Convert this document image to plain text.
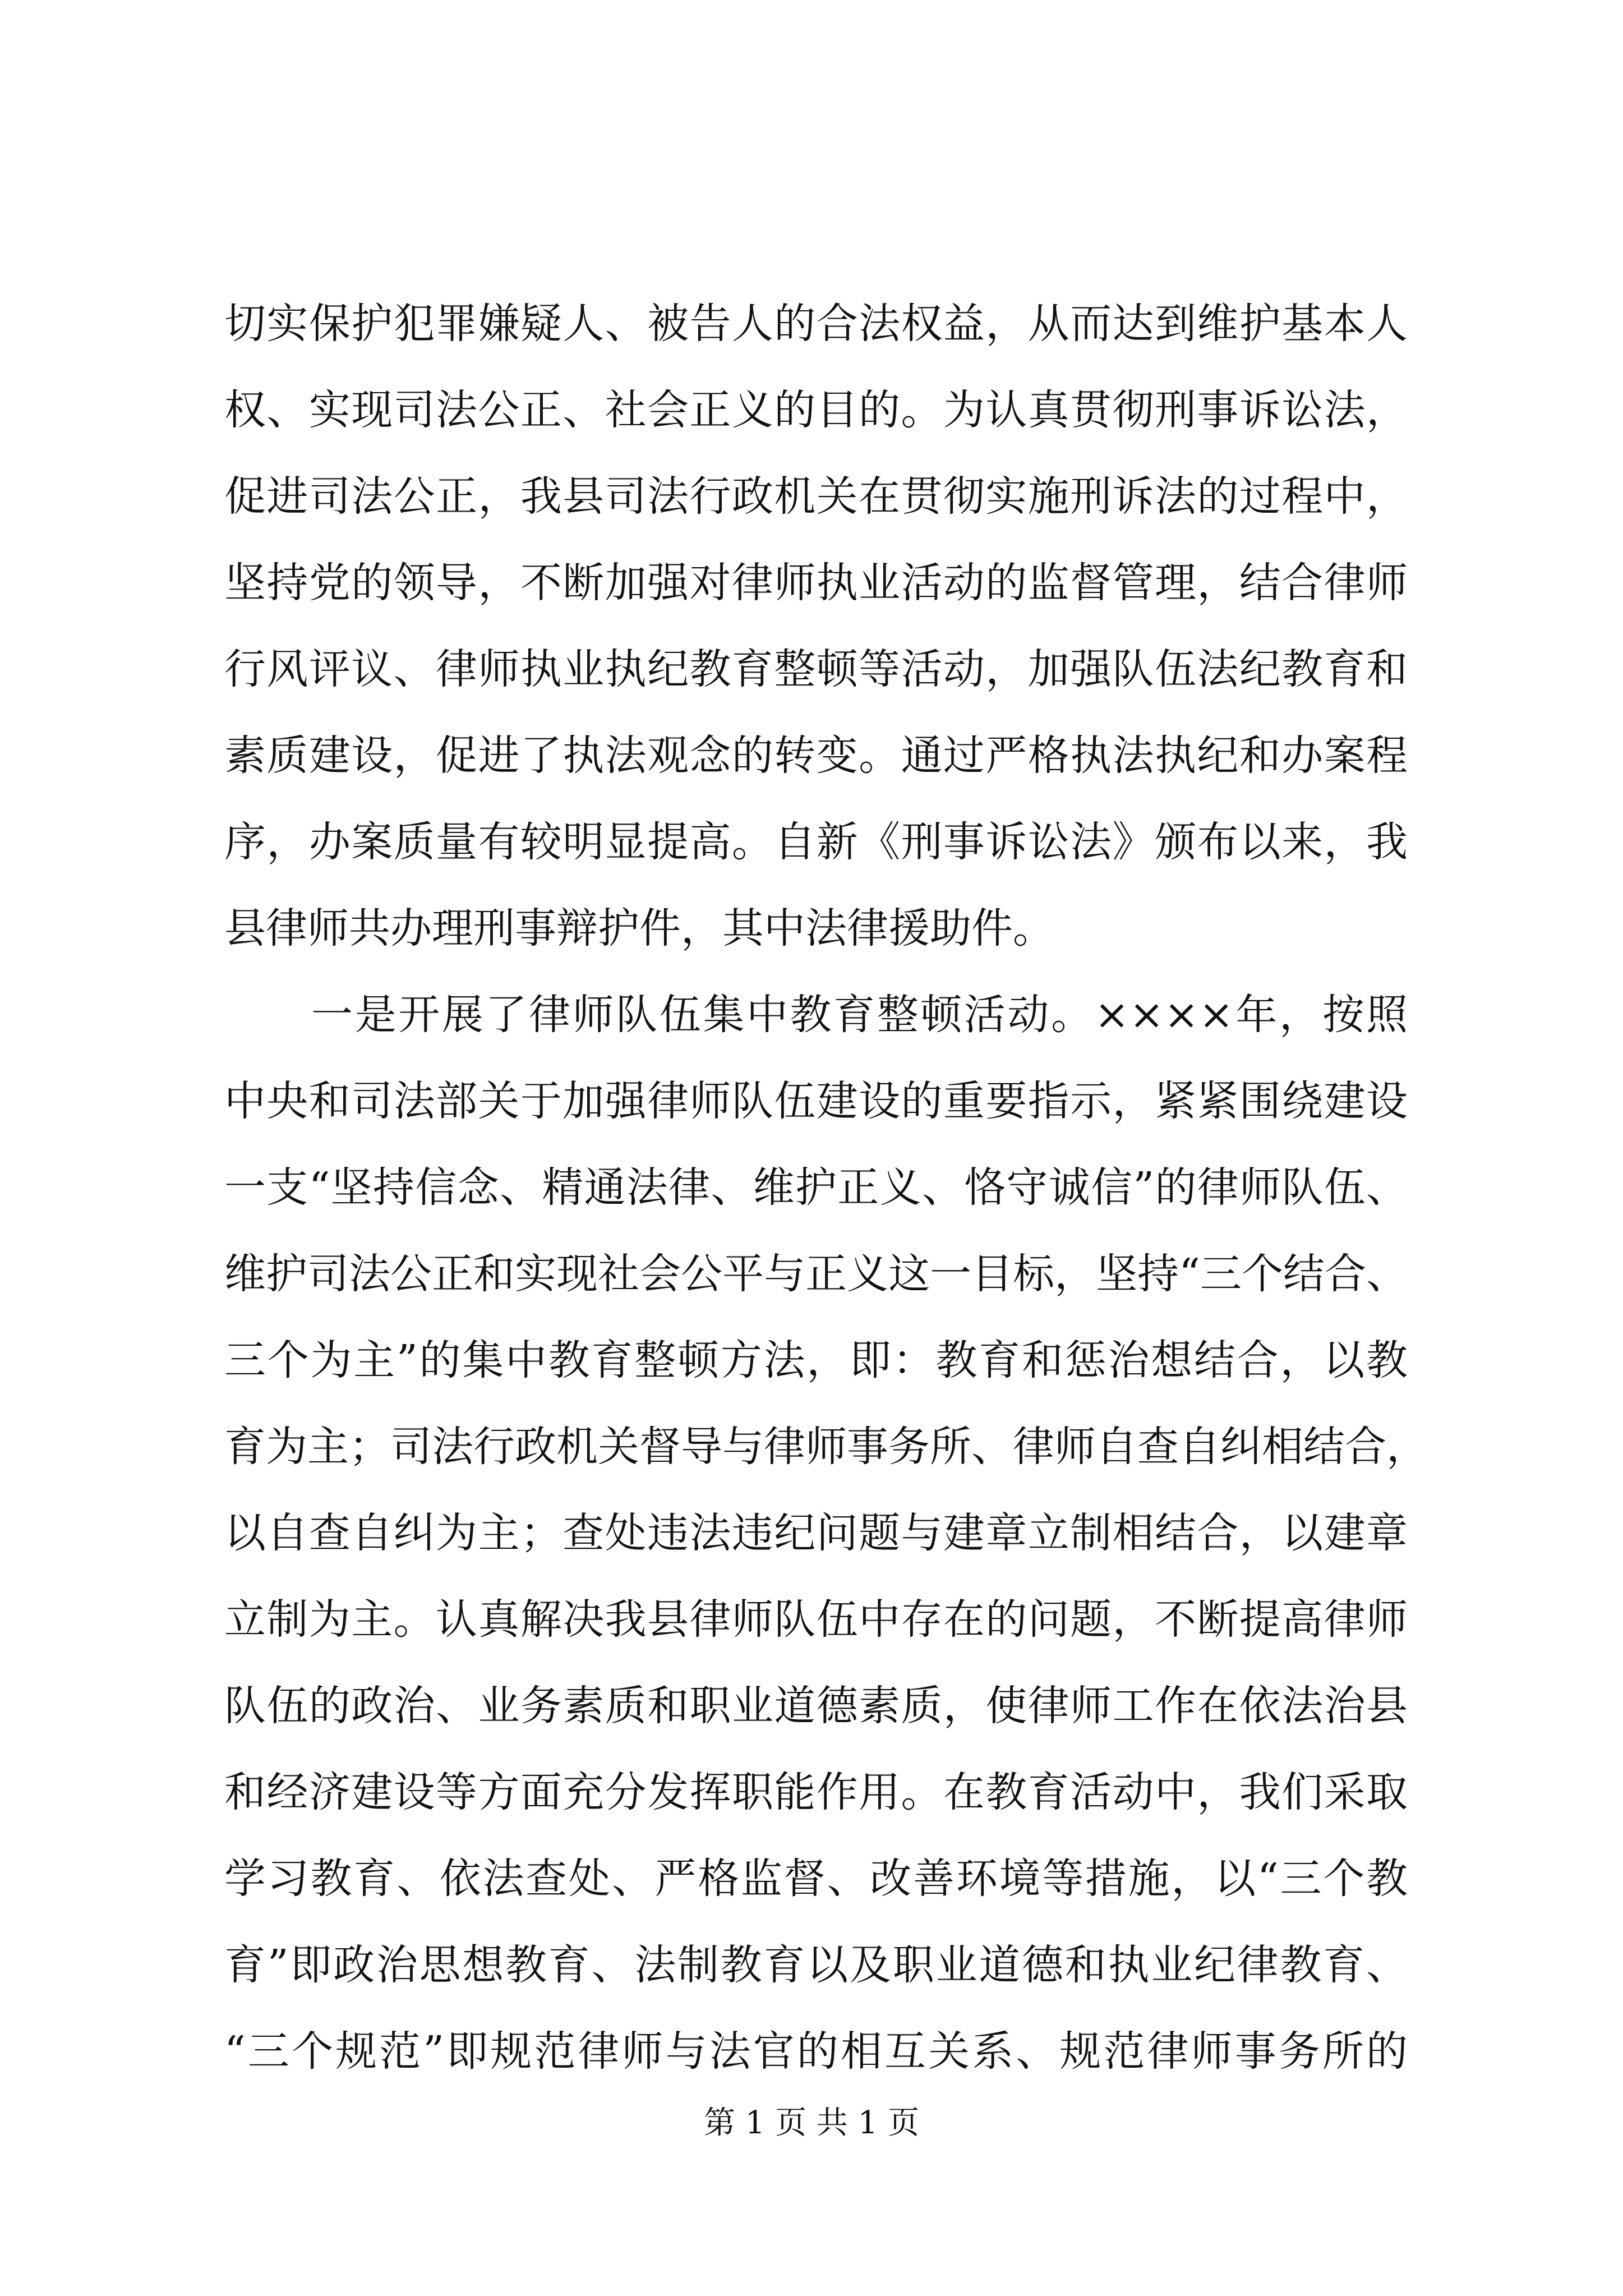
切实保护犯罪嫌疑人、被告人的合法权益，从而达到维护基本人
权、实现司法公正、社会正义的目的。为认真贯彻刑事诉讼法，
促进司法公正，我县司法行政机关在贯彻实施刑诉法的过程中，
坚持党的领导，不断加强对律师执业活动的监督管理，结合律师
行风评议、律师执业执纪教育整顿等活动，加强队伍法纪教育和
素质建设，促进了执法观念的转变。通过严格执法执纪和办案程
序，办案质量有较明显提高。自新《刑事诉讼法》颁布以来，我
县律师共办理刑事辩护件，其中法律援助件。
　　一是开展了律师队伍集中教育整顿活动。××××年，按照
中央和司法部关于加强律师队伍建设的重要指示，紧紧围绕建设
一支“坚持信念、精通法律、维护正义、恪守诚信”的律师队伍、
维护司法公正和实现社会公平与正义这一目标，坚持“三个结合、
三个为主”的集中教育整顿方法，即：教育和惩治想结合，以教
育为主；司法行政机关督导与律师事务所、律师自查自纠相结合，
以自查自纠为主；查处违法违纪问题与建章立制相结合，以建章
立制为主。认真解决我县律师队伍中存在的问题，不断提高律师
队伍的政治、业务素质和职业道德素质，使律师工作在依法治县
和经济建设等方面充分发挥职能作用。在教育活动中，我们采取
学习教育、依法查处、严格监督、改善环境等措施，以“三个教
育”即政治思想教育、法制教育以及职业道德和执业纪律教育、
“三个规范”即规范律师与法官的相互关系、规范律师事务所的
第 1 页 共 1 页
